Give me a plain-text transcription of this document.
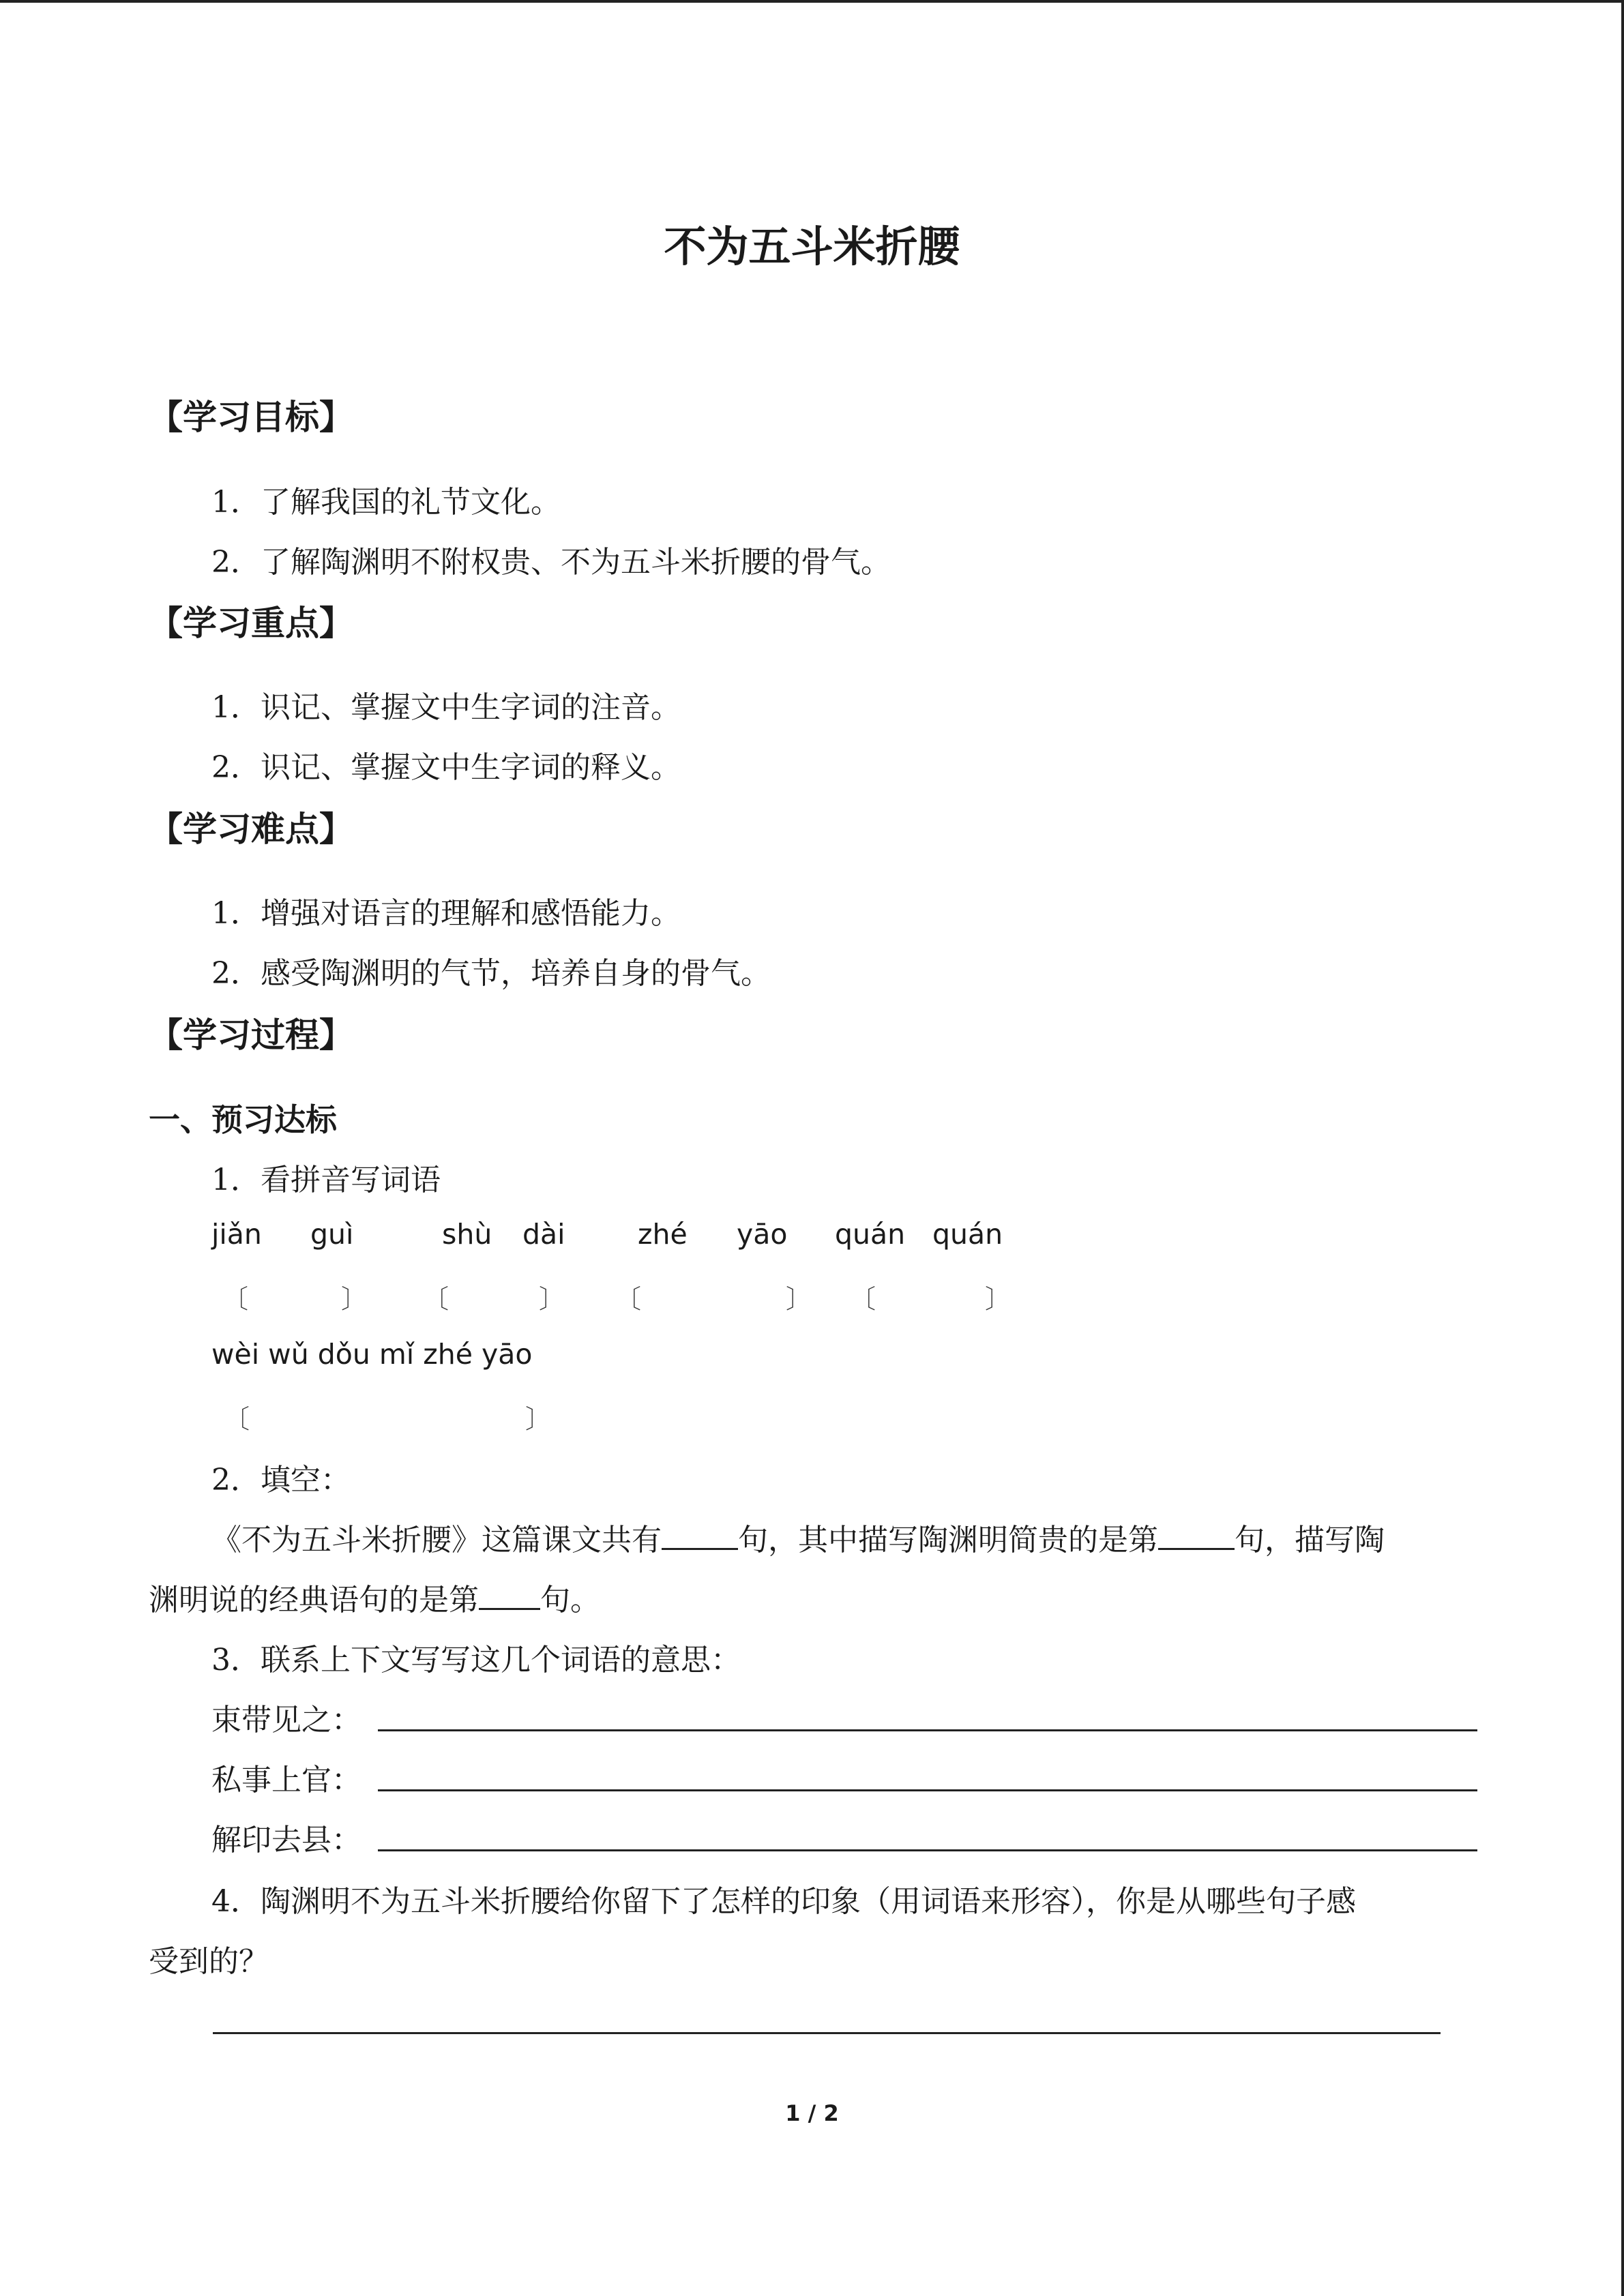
不为五斗米折腰
【学习目标】
1．了解我国的礼节文化。
2．了解陶渊明不附权贵、不为五斗米折腰的骨气。
【学习重点】
1．识记、掌握文中生字词的注音。
2．识记、掌握文中生字词的释义。
【学习难点】
1．增强对语言的理解和感悟能力。
2．感受陶渊明的气节，培养自身的骨气。
【学习过程】
一、预习达标
1．看拼音写词语
jiǎn guì	shù dài	zhé yāo quán quán
〔	〕 〔	〕 〔	〕 〔	〕
wèi wǔ dǒu mǐ zhé yāo
〔	〕
2．填空：
《不为五斗米折腰》这篇课文共有	句，其中描写陶渊明简贵的是第	句，描写陶
渊明说的经典语句的是第 句。
3．联系上下文写写这几个词语的意思：
束带见之：
私事上官：
解印去县：
4．陶渊明不为五斗米折腰给你留下了怎样的印象（用词语来形容），你是从哪些句子感
受到的？
1 / 2
